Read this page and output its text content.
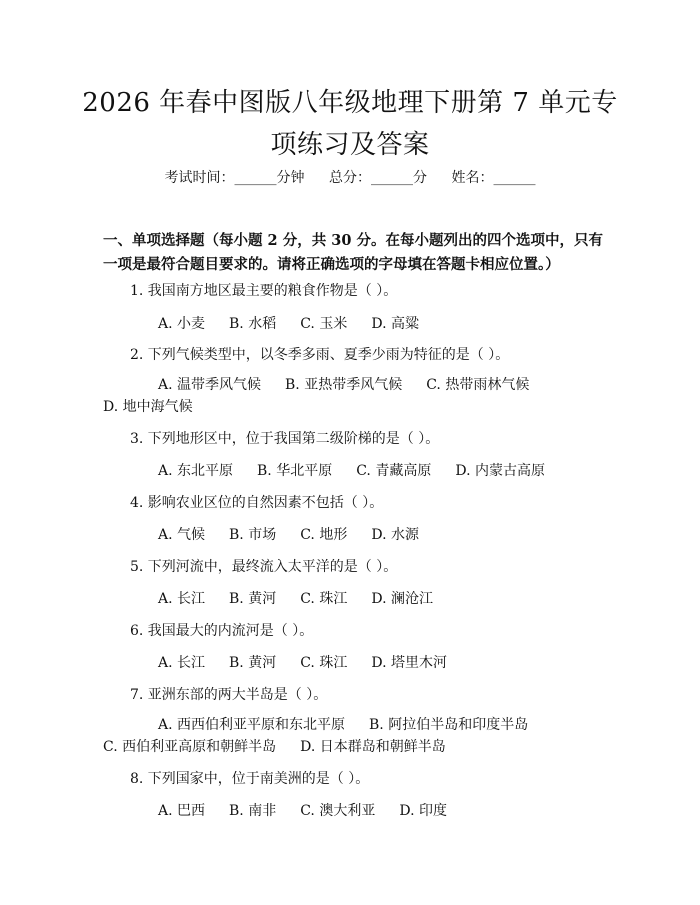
2026 年春中图版八年级地理下册第 7 单元专
项练习及答案
考试时间：______分钟 总分：______分 姓名：______
一、单项选择题（每小题 2 分，共 30 分。在每小题列出的四个选项中，只有一项是最符合题目要求的。请将正确选项的字母填在答题卡相应位置。）
1. 我国南方地区最主要的粮食作物是（ ）。
A. 小麦 B. 水稻 C. 玉米 D. 高粱
2. 下列气候类型中，以冬季多雨、夏季少雨为特征的是（ ）。
A. 温带季风气候 B. 亚热带季风气候 C. 热带雨林气候D. 地中海气候
3. 下列地形区中，位于我国第二级阶梯的是（ ）。
A. 东北平原 B. 华北平原 C. 青藏高原 D. 内蒙古高原
4. 影响农业区位的自然因素不包括（ ）。
A. 气候 B. 市场 C. 地形 D. 水源
5. 下列河流中，最终流入太平洋的是（ ）。
A. 长江 B. 黄河 C. 珠江 D. 澜沧江
6. 我国最大的内流河是（ ）。
A. 长江 B. 黄河 C. 珠江 D. 塔里木河
7. 亚洲东部的两大半岛是（ ）。
A. 西西伯利亚平原和东北平原 B. 阿拉伯半岛和印度半岛C. 西伯利亚高原和朝鲜半岛 D. 日本群岛和朝鲜半岛
8. 下列国家中，位于南美洲的是（ ）。
A. 巴西 B. 南非 C. 澳大利亚 D. 印度
